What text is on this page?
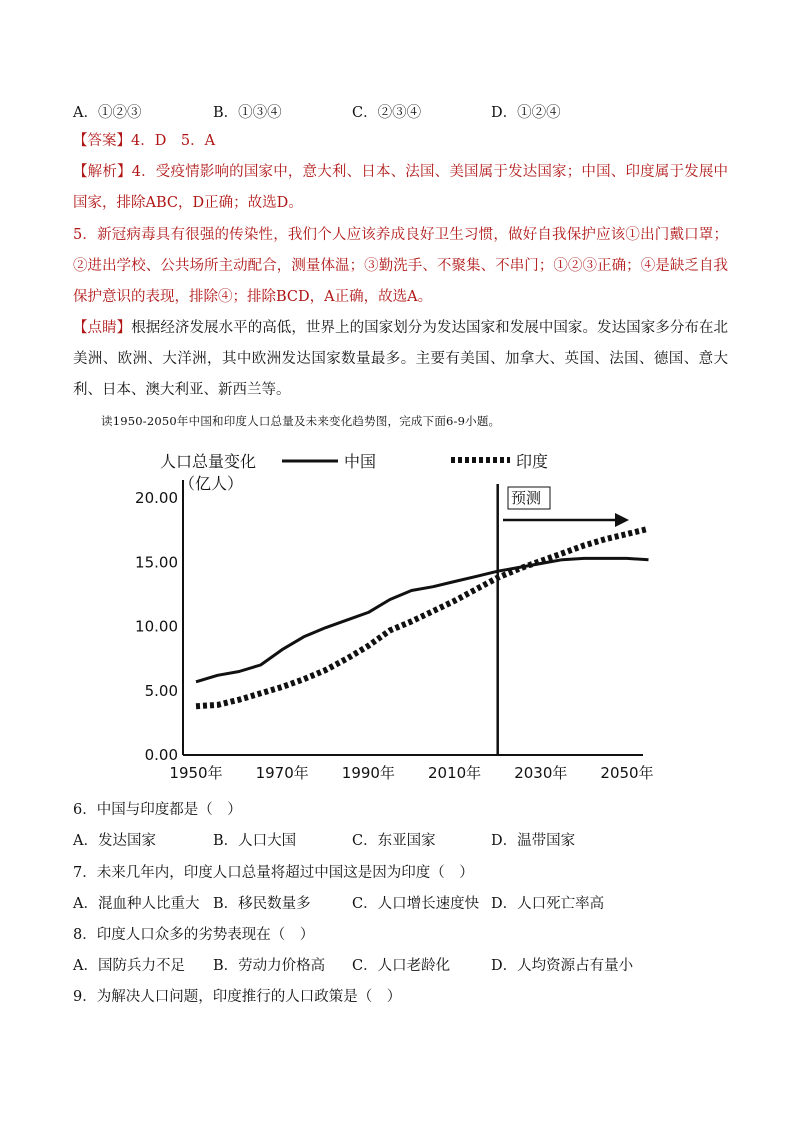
A．①②③	B．①③④	C．②③④	D．①②④
【答案】4．D　5．A
【解析】4．受疫情影响的国家中，意大利、日本、法国、美国属于发达国家；中国、印度属于发展中国家，排除ABC，D正确；故选D。
5．新冠病毒具有很强的传染性，我们个人应该养成良好卫生习惯，做好自我保护应该①出门戴口罩；②进出学校、公共场所主动配合，测量体温；③勤洗手、不聚集、不串门；①②③正确；④是缺乏自我保护意识的表现，排除④；排除BCD，A正确，故选A。
【点睛】根据经济发展水平的高低，世界上的国家划分为发达国家和发展中国家。发达国家多分布在北美洲、欧洲、大洋洲，其中欧洲发达国家数量最多。主要有美国、加拿大、英国、法国、德国、意大利、日本、澳大利亚、新西兰等。
读1950-2050年中国和印度人口总量及未来变化趋势图，完成下面6-9小题。
0.00
5.00
10.00
15.00
20.00
1950年 1970年 1990年 2010年 2030年 2050年
人口总量变化
（亿人）
中国	印度
预测
6．中国与印度都是（　）
A．发达国家	B．人口大国	C．东亚国家	D．温带国家
7．未来几年内，印度人口总量将超过中国这是因为印度（　）
A．混血种人比重大 B．移民数量多	C．人口增长速度快 D．人口死亡率高
8．印度人口众多的劣势表现在（　）
A．国防兵力不足 B．劳动力价格高 C．人口老龄化	D．人均资源占有量小
9．为解决人口问题，印度推行的人口政策是（　）
